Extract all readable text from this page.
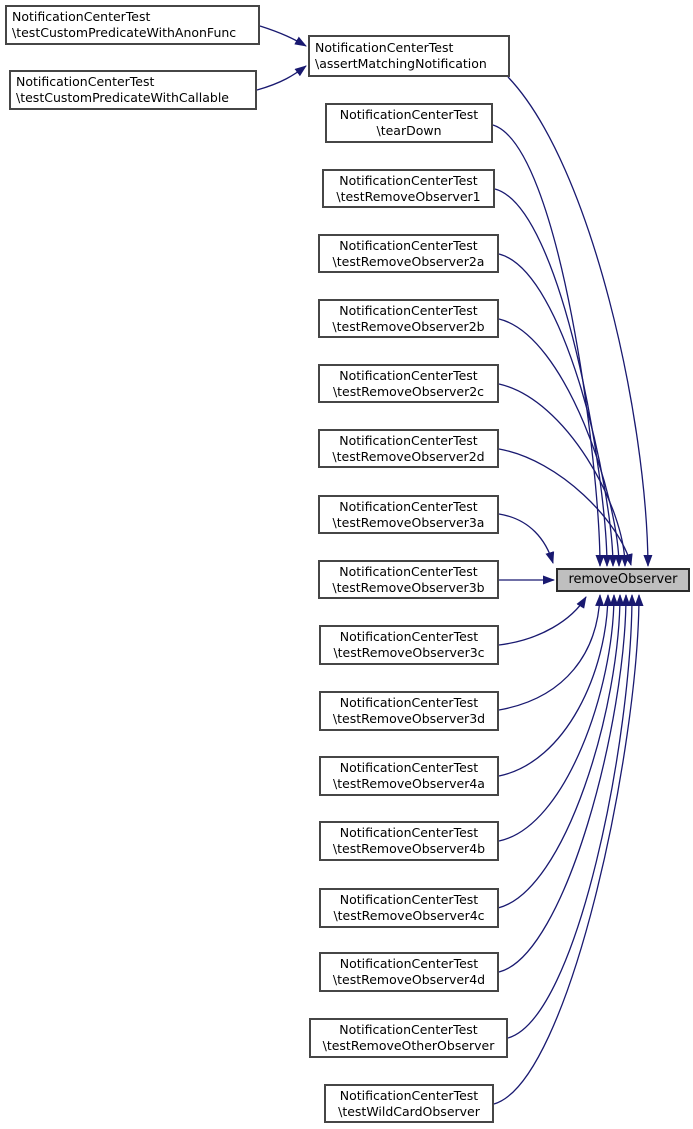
NotificationCenterTest
\testCustomPredicateWithAnonFunc
NotificationCenterTest
\testCustomPredicateWithCallable
NotificationCenterTest
\assertMatchingNotification
NotificationCenterTest
\tearDown
NotificationCenterTest
\testRemoveObserver1
NotificationCenterTest
\testRemoveObserver2a
NotificationCenterTest
\testRemoveObserver2b
NotificationCenterTest
\testRemoveObserver2c
NotificationCenterTest
\testRemoveObserver2d
NotificationCenterTest
\testRemoveObserver3a
NotificationCenterTest
\testRemoveObserver3b
NotificationCenterTest
\testRemoveObserver3c
NotificationCenterTest
\testRemoveObserver3d
NotificationCenterTest
\testRemoveObserver4a
NotificationCenterTest
\testRemoveObserver4b
NotificationCenterTest
\testRemoveObserver4c
NotificationCenterTest
\testRemoveObserver4d
NotificationCenterTest
\testRemoveOtherObserver
NotificationCenterTest
\testWildCardObserver
removeObserver
